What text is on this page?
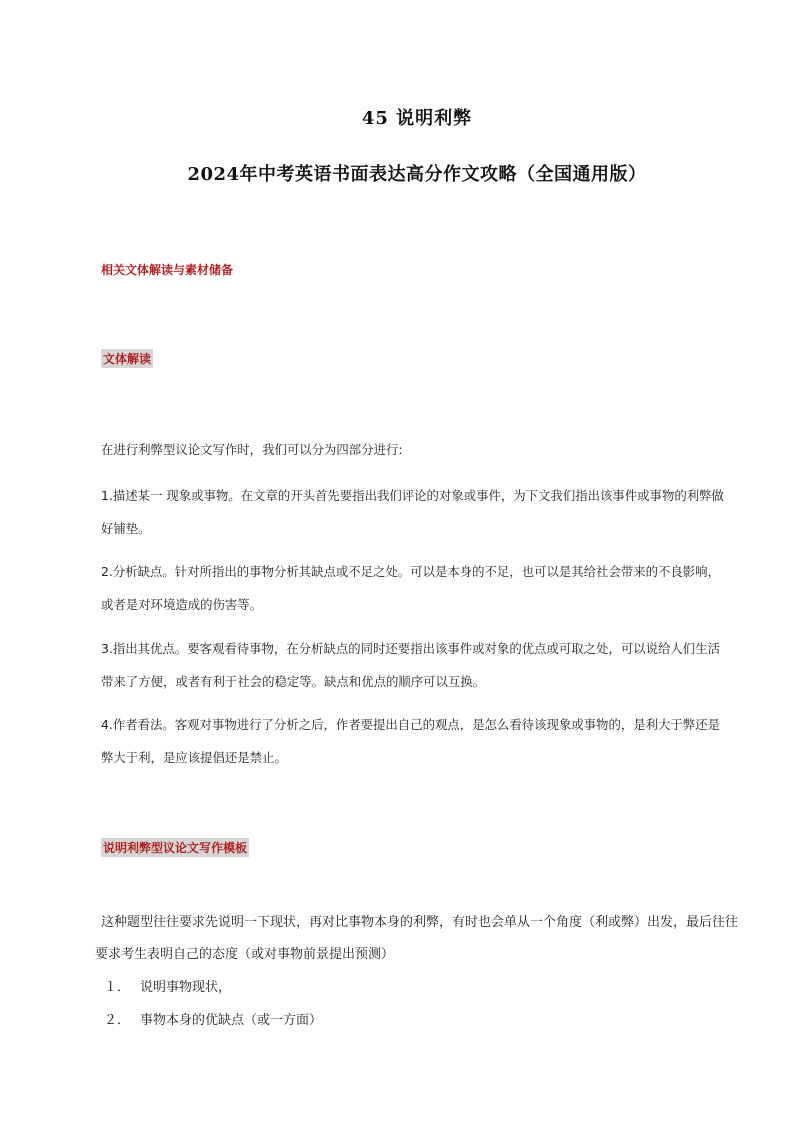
45 说明利弊
2024年中考英语书面表达高分作文攻略（全国通用版）
相关文体解读与素材储备
文体解读
在进行利弊型议论文写作时，我们可以分为四部分进行:
1.描述某一 现象或事物。在文章的开头首先要指出我们评论的对象或事件，为下文我们指出该事件或事物的利弊做好铺垫。
2.分析缺点。针对所指出的事物分析其缺点或不足之处。可以是本身的不足，也可以是其给社会带来的不良影响，或者是对环境造成的伤害等。
3.指出其优点。要客观看待事物，在分析缺点的同时还要指出该事件或对象的优点或可取之处，可以说给人们生活带来了方便，或者有利于社会的稳定等。缺点和优点的顺序可以互换。
4.作者看法。客观对事物进行了分析之后，作者要提出自己的观点，是怎么看待该现象或事物的，是利大于弊还是弊大于利，是应该提倡还是禁止。
说明利弊型议论文写作模板
这种题型往往要求先说明一下现状，再对比事物本身的利弊，有时也会单从一个角度（利或弊）出发，最后往往要求考生表明自己的态度（或对事物前景提出预测）
１． 说明事物现状，
２． 事物本身的优缺点（或一方面）
